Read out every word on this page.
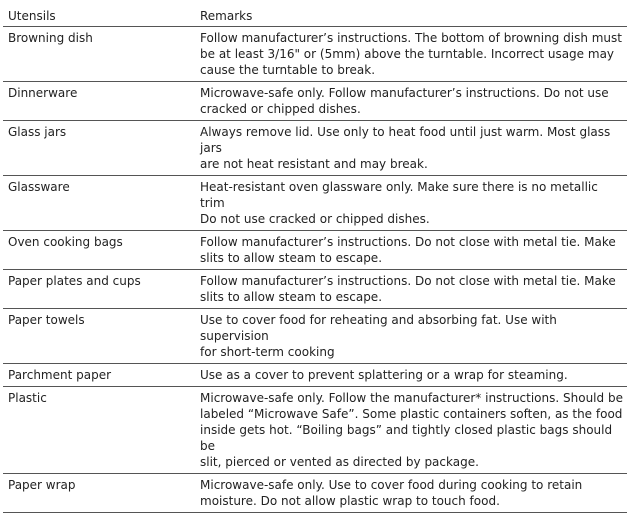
Utensils	Remarks
Browning dish	Follow manufacturer’s instructions. The bottom of browning dish must
be at least 3/16" or (5mm) above the turntable. Incorrect usage may
cause the turntable to break.
Dinnerware	Microwave-safe only. Follow manufacturer’s instructions. Do not use
cracked or chipped dishes.
Glass jars	Always remove lid. Use only to heat food until just warm. Most glass jars
are not heat resistant and may break.
Glassware	Heat-resistant oven glassware only. Make sure there is no metallic trim
Do not use cracked or chipped dishes.
Oven cooking bags	Follow manufacturer’s instructions. Do not close with metal tie. Make
slits to allow steam to escape.
Paper plates and cups	Follow manufacturer’s instructions. Do not close with metal tie. Make
slits to allow steam to escape.
Paper towels	Use to cover food for reheating and absorbing fat. Use with supervision
for short-term cooking
Parchment paper	Use as a cover to prevent splattering or a wrap for steaming.
Plastic	Microwave-safe only. Follow the manufacturer* instructions. Should be
labeled “Microwave Safe”. Some plastic containers soften, as the food
inside gets hot. “Boiling bags” and tightly closed plastic bags should be
slit, pierced or vented as directed by package.
Paper wrap	Microwave-safe only. Use to cover food during cooking to retain
moisture. Do not allow plastic wrap to touch food.
